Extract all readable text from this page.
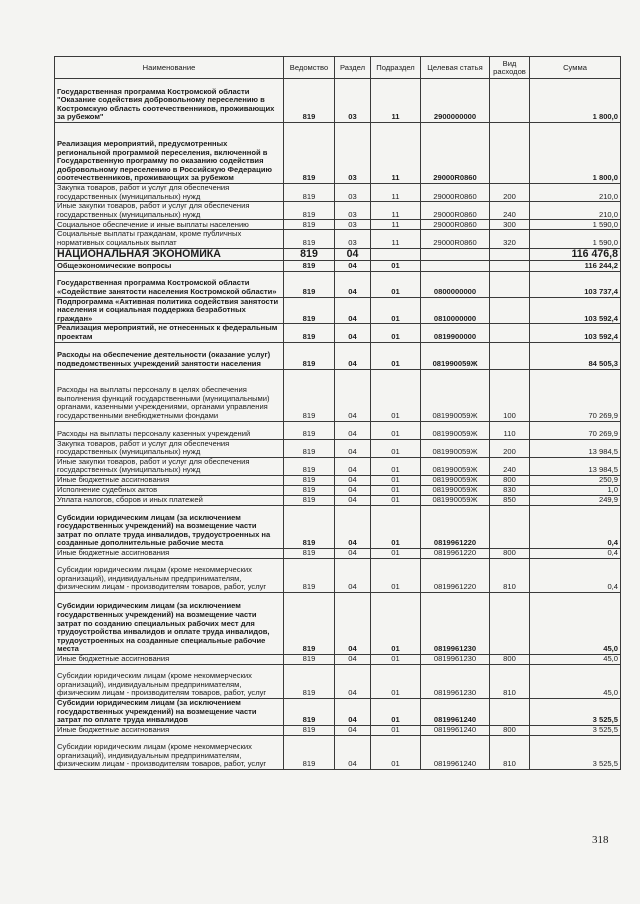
Наименование	Ведомство	Раздел	Подраздел	Целевая статья	Вид расходов	Сумма
Государственная программа Костромской области "Оказание содействия добровольному переселению в Костромскую область соотечественников, проживающих за рубежом"	819	03	11	2900000000		1 800,0
Реализация мероприятий, предусмотренных региональной программой переселения, включенной в Государственную программу по оказанию содействия добровольному переселению в Российскую Федерацию соотечественников, проживающих за рубежом	819	03	11	29000R0860		1 800,0
Закупка товаров, работ и услуг для обеспечения государственных (муниципальных) нужд	819	03	11	29000R0860	200	210,0
Иные закупки товаров, работ и услуг для обеспечения государственных (муниципальных) нужд	819	03	11	29000R0860	240	210,0
Социальное обеспечение и иные выплаты населению	819	03	11	29000R0860	300	1 590,0
Социальные выплаты гражданам, кроме публичных нормативных социальных выплат	819	03	11	29000R0860	320	1 590,0
НАЦИОНАЛЬНАЯ ЭКОНОМИКА	819	04				116 476,8
Общеэкономические вопросы	819	04	01			116 244,2
Государственная программа Костромской области «Содействие занятости населения Костромской области»	819	04	01	0800000000		103 737,4
Подпрограмма «Активная политика содействия занятости населения и социальная поддержка безработных граждан»	819	04	01	0810000000		103 592,4
Реализация мероприятий, не отнесенных к федеральным проектам	819	04	01	0819900000		103 592,4
Расходы на обеспечение деятельности (оказание услуг) подведомственных учреждений занятости населения	819	04	01	081990059Ж		84 505,3
Расходы на выплаты персоналу в целях обеспечения выполнения функций государственными (муниципальными) органами, казенными учреждениями, органами управления государственными внебюджетными фондами	819	04	01	081990059Ж	100	70 269,9
Расходы на выплаты персоналу казенных учреждений	819	04	01	081990059Ж	110	70 269,9
Закупка товаров, работ и услуг для обеспечения государственных (муниципальных) нужд	819	04	01	081990059Ж	200	13 984,5
Иные закупки товаров, работ и услуг для обеспечения государственных (муниципальных) нужд	819	04	01	081990059Ж	240	13 984,5
Иные бюджетные ассигнования	819	04	01	081990059Ж	800	250,9
Исполнение судебных актов	819	04	01	081990059Ж	830	1,0
Уплата налогов, сборов и иных платежей	819	04	01	081990059Ж	850	249,9
Субсидии юридическим лицам (за исключением государственных учреждений) на возмещение части затрат по оплате труда инвалидов, трудоустроенных на созданные дополнительные рабочие места	819	04	01	0819961220		0,4
Иные бюджетные ассигнования	819	04	01	0819961220	800	0,4
Субсидии юридическим лицам (кроме некоммерческих организаций), индивидуальным предпринимателям, физическим лицам - производителям товаров, работ, услуг	819	04	01	0819961220	810	0,4
Субсидии юридическим лицам (за исключением государственных учреждений) на возмещение части затрат по созданию специальных рабочих мест для трудоустройства инвалидов и оплате труда инвалидов, трудоустроенных на созданные специальные рабочие места	819	04	01	0819961230		45,0
Иные бюджетные ассигнования	819	04	01	0819961230	800	45,0
Субсидии юридическим лицам (кроме некоммерческих организаций), индивидуальным предпринимателям, физическим лицам - производителям товаров, работ, услуг	819	04	01	0819961230	810	45,0
Субсидии юридическим лицам (за исключением государственных учреждений) на возмещение части затрат по оплате труда инвалидов	819	04	01	0819961240		3 525,5
Иные бюджетные ассигнования	819	04	01	0819961240	800	3 525,5
Субсидии юридическим лицам (кроме некоммерческих организаций), индивидуальным предпринимателям, физическим лицам - производителям товаров, работ, услуг	819	04	01	0819961240	810	3 525,5
318
